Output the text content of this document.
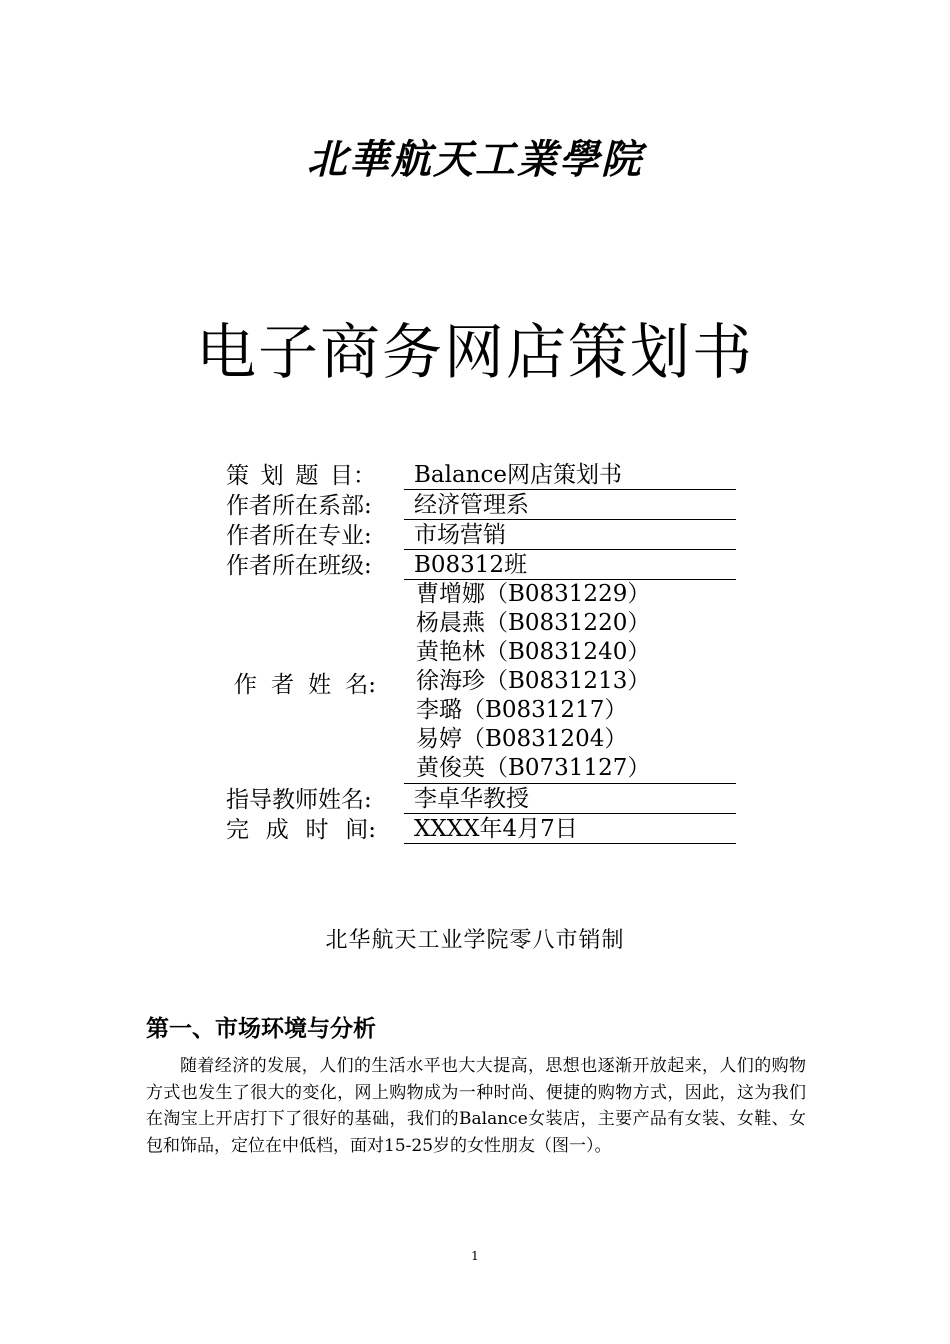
北華航天工業學院
电子商务网店策划书
策 划 题 目：	Balance网店策划书
作者所在系部:	经济管理系
作者所在专业:	市场营销
作者所在班级:	B08312班
作 者 姓 名:
曹增娜（B0831229）
杨晨燕（B0831220）
黄艳林（B0831240）
徐海珍（B0831213）
李璐（B0831217）
易婷（B0831204）
黄俊英（B0731127）
指导教师姓名:	李卓华教授
完 成 时 间:	XXXX年4月7日
北华航天工业学院零八市销制
第一、市场环境与分析
随着经济的发展，人们的生活水平也大大提高，思想也逐渐开放起来，人们的购物方式也发生了很大的变化，网上购物成为一种时尚、便捷的购物方式，因此，这为我们在淘宝上开店打下了很好的基础，我们的Balance女装店，主要产品有女装、女鞋、女包和饰品，定位在中低档，面对15-25岁的女性朋友（图一）。
1
